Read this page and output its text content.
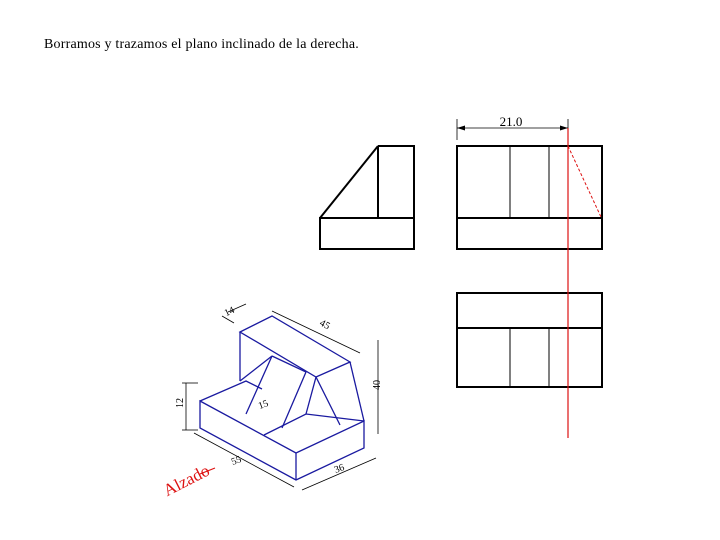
Borramos y trazamos el plano inclinado de la derecha.
21.0
14
45
40
12	15
55
36
Alzado
